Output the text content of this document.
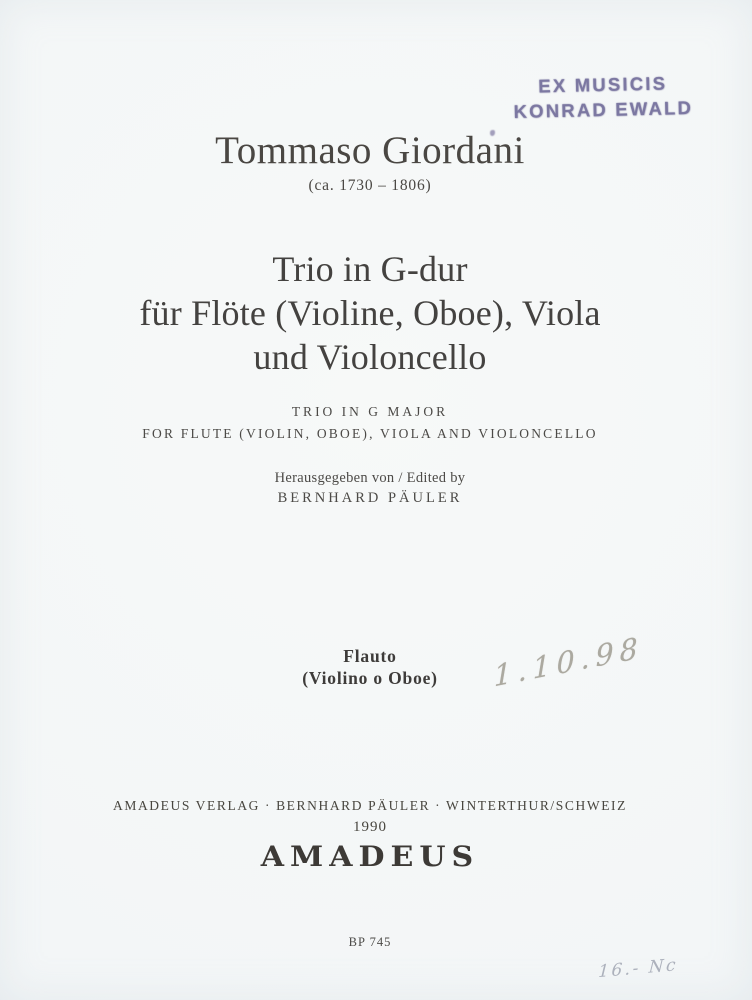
EX MUSICIS
KONRAD EWALD
Tommaso Giordani
(ca. 1730 – 1806)
Trio in G-dur
für Flöte (Violine, Oboe), Viola
und Violoncello
TRIO IN G MAJOR
FOR FLUTE (VIOLIN, OBOE), VIOLA AND VIOLONCELLO
Herausgegeben von / Edited by
BERNHARD PÄULER
Flauto
(Violino o Oboe)	1.10.98
AMADEUS VERLAG · BERNHARD PÄULER · WINTERTHUR/SCHWEIZ
1990
AMADEUS
BP 745
16.- Nc
